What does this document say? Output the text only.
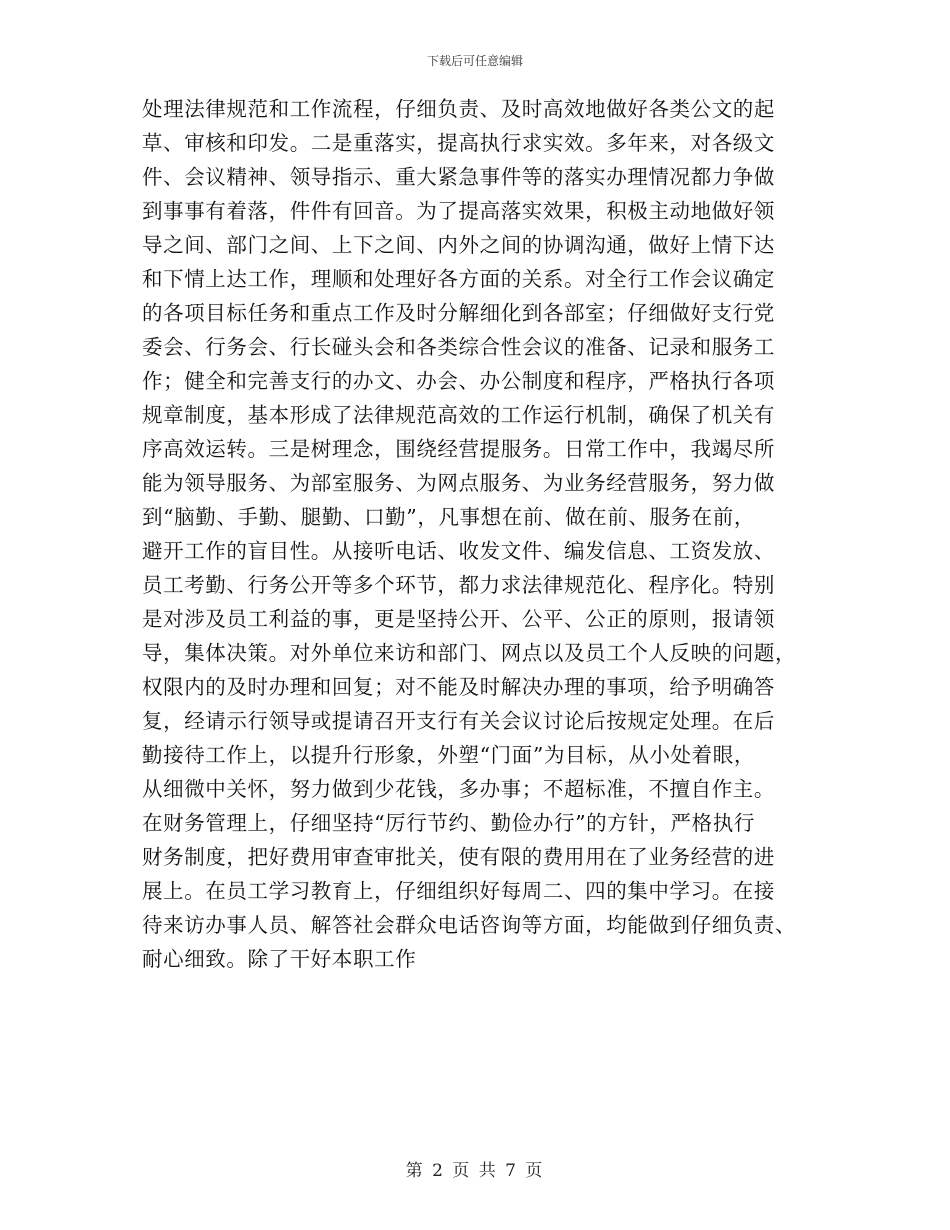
下载后可任意编辑
处理法律规范和工作流程，仔细负责、及时高效地做好各类公文的起
草、审核和印发。二是重落实，提高执行求实效。多年来，对各级文
件、会议精神、领导指示、重大紧急事件等的落实办理情况都力争做
到事事有着落，件件有回音。为了提高落实效果，积极主动地做好领
导之间、部门之间、上下之间、内外之间的协调沟通，做好上情下达
和下情上达工作，理顺和处理好各方面的关系。对全行工作会议确定
的各项目标任务和重点工作及时分解细化到各部室；仔细做好支行党
委会、行务会、行长碰头会和各类综合性会议的准备、记录和服务工
作；健全和完善支行的办文、办会、办公制度和程序，严格执行各项
规章制度，基本形成了法律规范高效的工作运行机制，确保了机关有
序高效运转。三是树理念，围绕经营提服务。日常工作中，我竭尽所
能为领导服务、为部室服务、为网点服务、为业务经营服务，努力做
到“脑勤、手勤、腿勤、口勤”，凡事想在前、做在前、服务在前，
避开工作的盲目性。从接听电话、收发文件、编发信息、工资发放、
员工考勤、行务公开等多个环节，都力求法律规范化、程序化。特别
是对涉及员工利益的事，更是坚持公开、公平、公正的原则，报请领
导，集体决策。对外单位来访和部门、网点以及员工个人反映的问题，
权限内的及时办理和回复；对不能及时解决办理的事项，给予明确答
复，经请示行领导或提请召开支行有关会议讨论后按规定处理。在后
勤接待工作上，以提升行形象，外塑“门面”为目标，从小处着眼，
从细微中关怀，努力做到少花钱，多办事；不超标准，不擅自作主。
在财务管理上，仔细坚持“厉行节约、勤俭办行”的方针，严格执行
财务制度，把好费用审查审批关，使有限的费用用在了业务经营的进
展上。在员工学习教育上，仔细组织好每周二、四的集中学习。在接
待来访办事人员、解答社会群众电话咨询等方面，均能做到仔细负责、
耐心细致。除了干好本职工作
第 2 页 共 7 页
